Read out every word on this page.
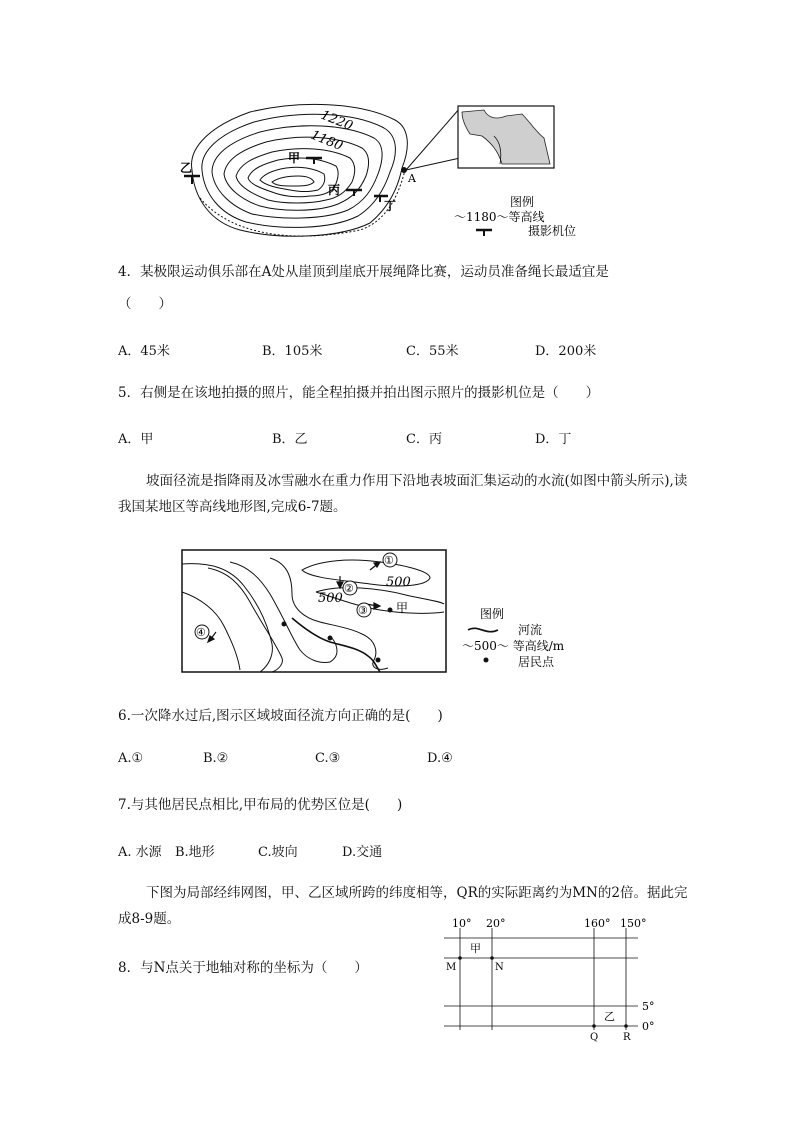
1220
1180
乙
甲
丙
丁
A
图例
～1180～等高线
摄影机位
4．某极限运动俱乐部在A处从崖顶到崖底开展绳降比赛，运动员准备绳长最适宜是
（　　）
A．45米	B．105米	C．55米	D．200米
5．右侧是在该地拍摄的照片，能全程拍摄并拍出图示照片的摄影机位是（　　）
A．甲	B．乙	C．丙	D．丁
坡面径流是指降雨及冰雪融水在重力作用下沿地表坡面汇集运动的水流(如图中箭头所示),读我国某地区等高线地形图,完成6-7题。
①
②
③
④
500
500
甲	图例
河流
～500～ 等高线/m
居民点
6.一次降水过后,图示区域坡面径流方向正确的是(　　)
A.①	B.②	C.③	D.④
7.与其他居民点相比,甲布局的优势区位是(　　)
A. 水源 B.地形	C.坡向	D.交通
下图为局部经纬网图，甲、乙区域所跨的纬度相等，QR的实际距离约为MN的2倍。据此完成8-9题。	10° 20°	160° 150°
5°
0°
甲
乙
M	N
Q R
8．与N点关于地轴对称的坐标为（　　）
